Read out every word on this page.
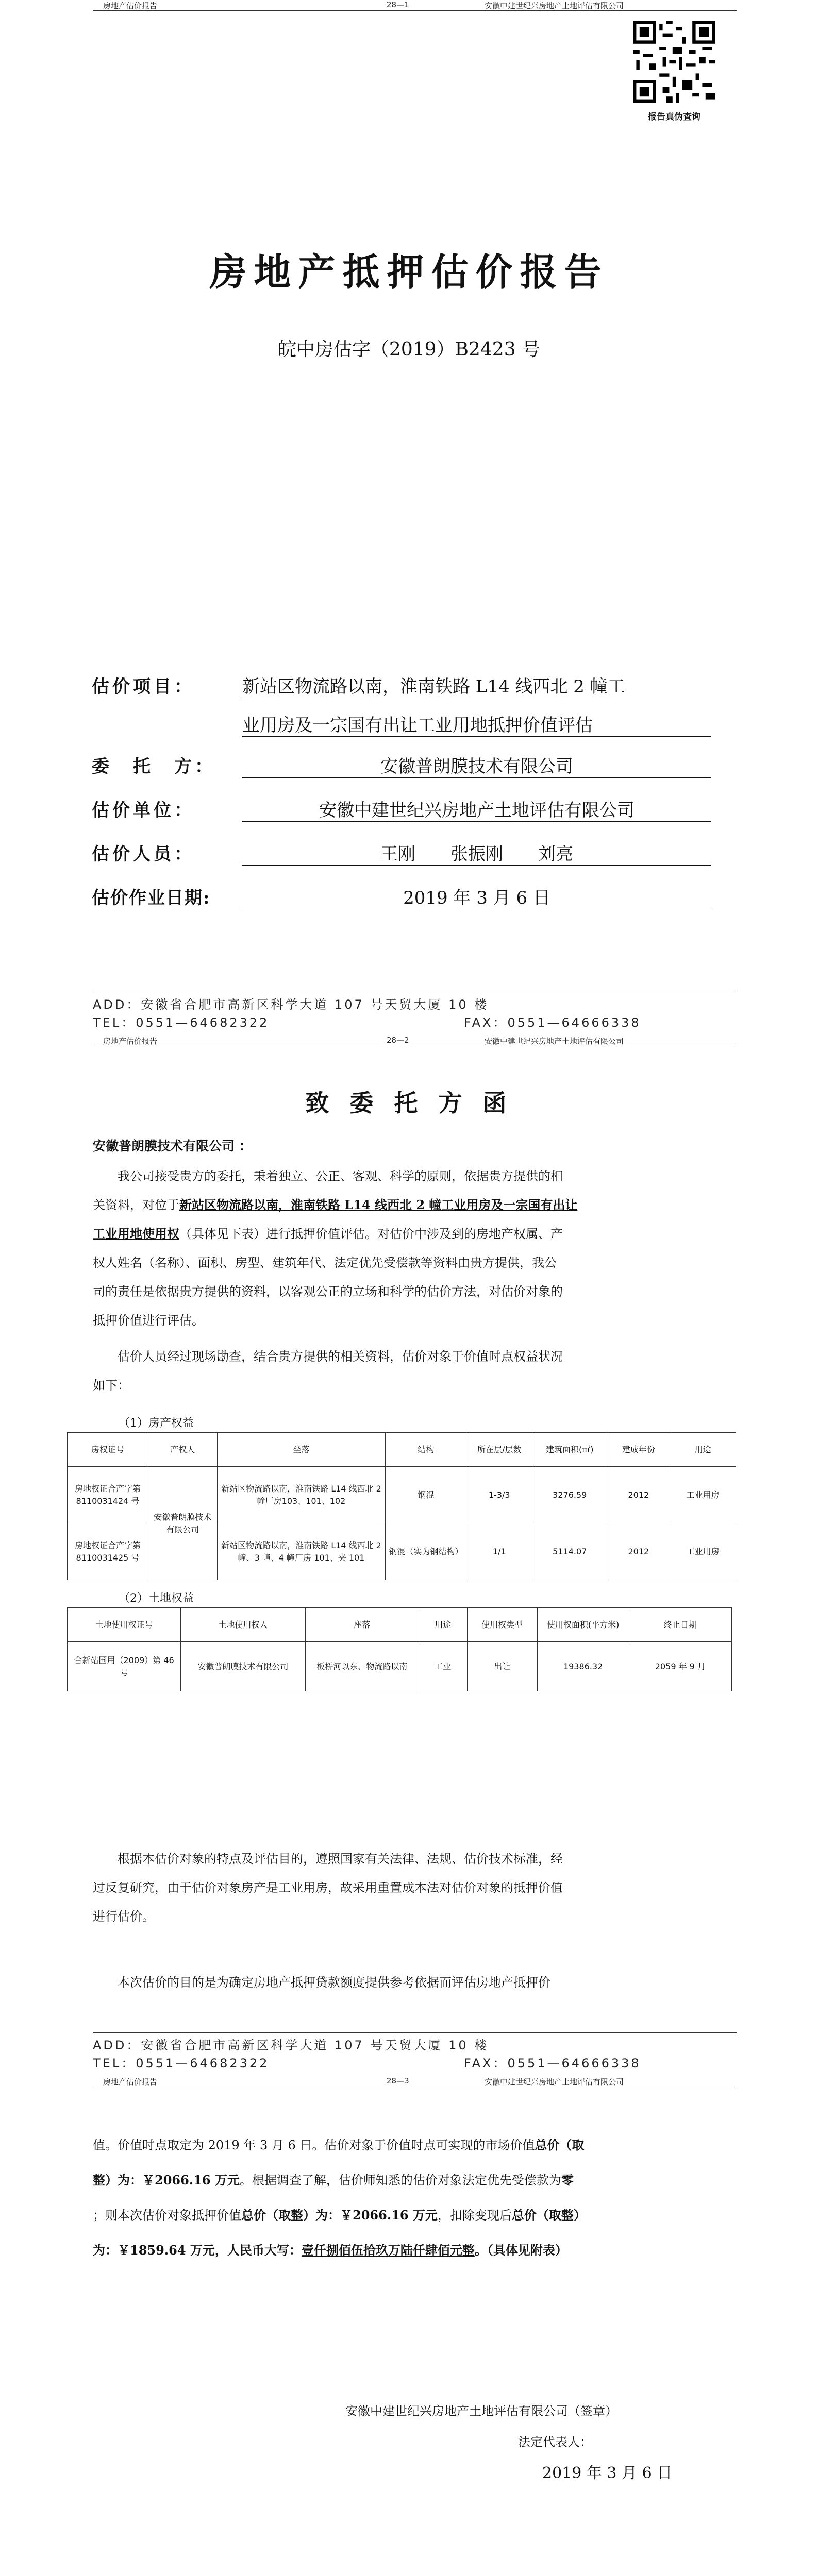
房地产估价报告	28—1	安徽中建世纪兴房地产土地评估有限公司
报告真伪查询
房地产抵押估价报告
皖中房估字（2019）B2423 号
估价项目：	新站区物流路以南，淮南铁路 L14 线西北 2 幢工
业用房及一宗国有出让工业用地抵押价值评估
委　托　方：	安徽普朗膜技术有限公司
估价单位：	安徽中建世纪兴房地产土地评估有限公司
估价人员：	王刚　　张振刚　　刘亮
估价作业日期:	2019 年 3 月 6 日
ADD：安徽省合肥市高新区科学大道 107 号天贸大厦 10 楼
TEL：0551—64682322	FAX：0551—64666338
房地产估价报告	28—2	安徽中建世纪兴房地产土地评估有限公司
致 委 托 方 函
安徽普朗膜技术有限公司 ：
我公司接受贵方的委托，秉着独立、公正、客观、科学的原则，依据贵方提供的相
关资料，对位于新站区物流路以南，淮南铁路 L14 线西北 2 幢工业用房及一宗国有出让
工业用地使用权（具体见下表）进行抵押价值评估。对估价中涉及到的房地产权属、产
权人姓名（名称）、面积、房型、建筑年代、法定优先受偿款等资料由贵方提供，我公
司的责任是依据贵方提供的资料，以客观公正的立场和科学的估价方法，对估价对象的
抵押价值进行评估。
估价人员经过现场勘查，结合贵方提供的相关资料，估价对象于价值时点权益状况
如下：
（1）房产权益
房权证号	产权人	坐落	结构	所在层/层数	建筑面积(㎡)	建成年份	用途
房地权证合产字第 8110031424 号	安徽普朗膜技术有限公司	新站区物流路以南，淮南铁路 L14 线西北 2 幢厂房103、101、102	钢混	1-3/3	3276.59	2012	工业用房
房地权证合产字第 8110031425 号		新站区物流路以南，淮南铁路 L14 线西北 2 幢、3 幢、4 幢厂房 101、夹 101	钢混（实为钢结构）	1/1	5114.07	2012	工业用房
（2）土地权益
土地使用权证号	土地使用权人	座落	用途	使用权类型	使用权面积(平方米)	终止日期
合新站国用（2009）第 46 号	安徽普朗膜技术有限公司	板桥河以东、物流路以南	工业	出让	19386.32	2059 年 9 月
根据本估价对象的特点及评估目的，遵照国家有关法律、法规、估价技术标准，经
过反复研究，由于估价对象房产是工业用房，故采用重置成本法对估价对象的抵押价值
进行估价。
本次估价的目的是为确定房地产抵押贷款额度提供参考依据而评估房地产抵押价
ADD：安徽省合肥市高新区科学大道 107 号天贸大厦 10 楼
TEL：0551—64682322	FAX：0551—64666338
房地产估价报告	28—3	安徽中建世纪兴房地产土地评估有限公司
值。价值时点取定为 2019 年 3 月 6 日。估价对象于价值时点可实现的市场价值总价（取
整）为：￥2066.16 万元。根据调查了解，估价师知悉的估价对象法定优先受偿款为零
；则本次估价对象抵押价值总价（取整）为：￥2066.16 万元，扣除变现后总价（取整）
为：￥1859.64 万元，人民币大写：壹仟捌佰伍拾玖万陆仟肆佰元整。（具体见附表）
安徽中建世纪兴房地产土地评估有限公司（签章）
法定代表人：
2019 年 3 月 6 日
